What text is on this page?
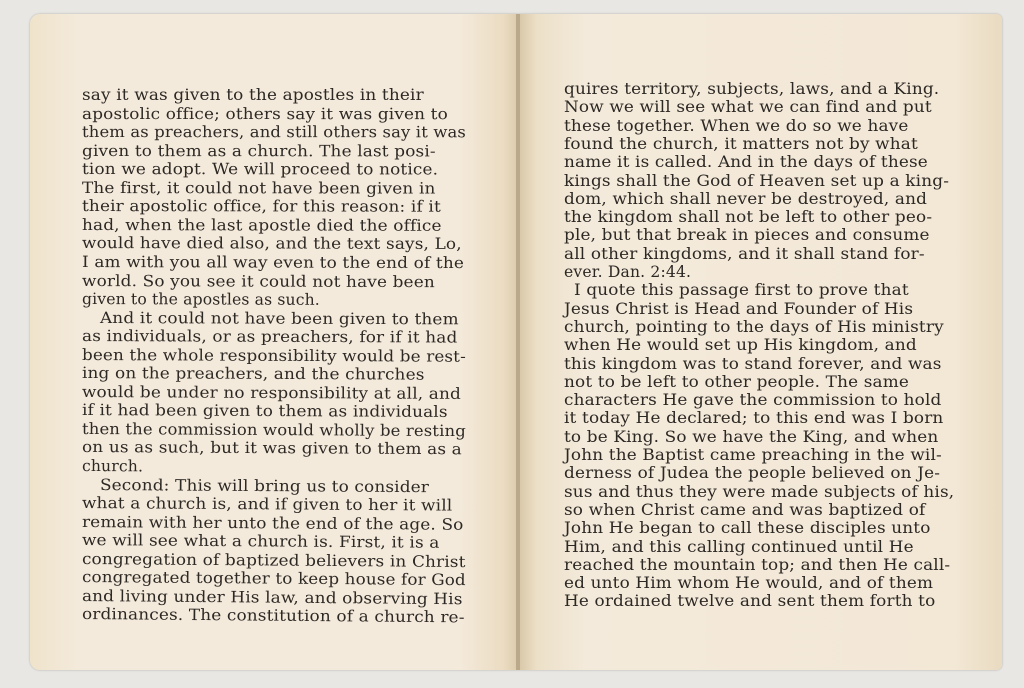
say it was given to the apostles in their
apostolic office; others say it was given to
them as preachers, and still others say it was
given to them as a church. The last posi-
tion we adopt. We will proceed to notice.
The first, it could not have been given in
their apostolic office, for this reason: if it
had, when the last apostle died the office
would have died also, and the text says, Lo,
I am with you all way even to the end of the
world. So you see it could not have been
given to the apostles as such.
And it could not have been given to them
as individuals, or as preachers, for if it had
been the whole responsibility would be rest-
ing on the preachers, and the churches
would be under no responsibility at all, and
if it had been given to them as individuals
then the commission would wholly be resting
on us as such, but it was given to them as a
church.
Second: This will bring us to consider
what a church is, and if given to her it will
remain with her unto the end of the age. So
we will see what a church is. First, it is a
congregation of baptized believers in Christ
congregated together to keep house for God
and living under His law, and observing His
ordinances. The constitution of a church re-
quires territory, subjects, laws, and a King.
Now we will see what we can find and put
these together. When we do so we have
found the church, it matters not by what
name it is called. And in the days of these
kings shall the God of Heaven set up a king-
dom, which shall never be destroyed, and
the kingdom shall not be left to other peo-
ple, but that break in pieces and consume
all other kingdoms, and it shall stand for-
ever. Dan. 2:44.
I quote this passage first to prove that
Jesus Christ is Head and Founder of His
church, pointing to the days of His ministry
when He would set up His kingdom, and
this kingdom was to stand forever, and was
not to be left to other people. The same
characters He gave the commission to hold
it today He declared; to this end was I born
to be King. So we have the King, and when
John the Baptist came preaching in the wil-
derness of Judea the people believed on Je-
sus and thus they were made subjects of his,
so when Christ came and was baptized of
John He began to call these disciples unto
Him, and this calling continued until He
reached the mountain top; and then He call-
ed unto Him whom He would, and of them
He ordained twelve and sent them forth to
